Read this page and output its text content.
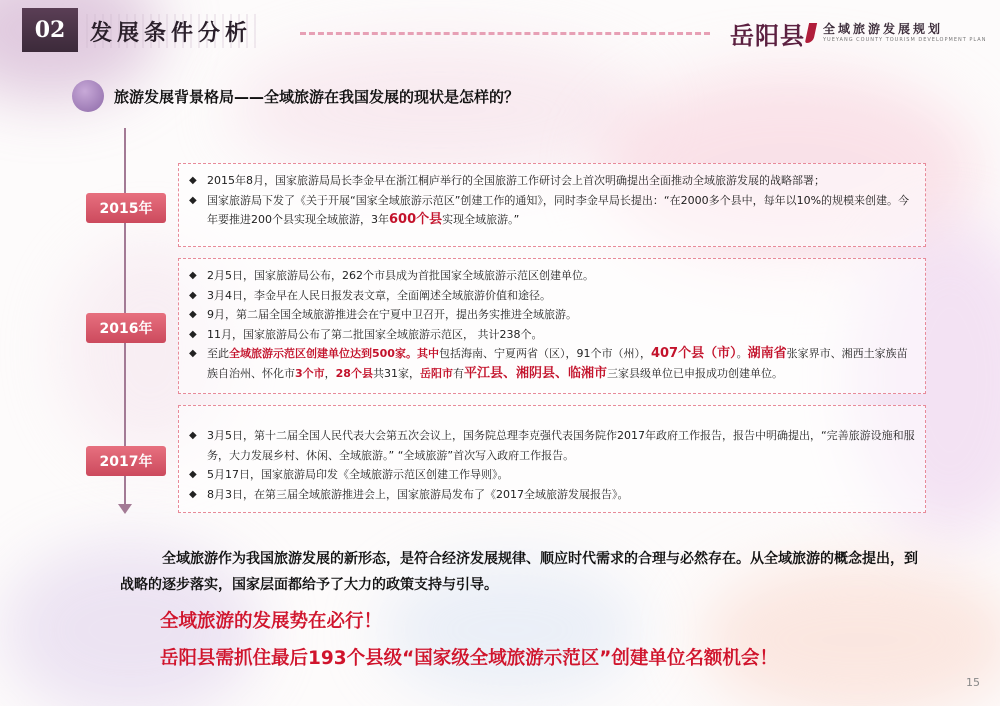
02	发展条件分析	岳阳县 全域旅游发展规划
YUEYANG COUNTY TOURISM DEVELOPMENT PLAN
旅游发展背景格局——全域旅游在我国发展的现状是怎样的？
2015年
2016年
2017年
◆ 2015年8月，国家旅游局局长李金早在浙江桐庐举行的全国旅游工作研讨会上首次明确提出全面推动全域旅游发展的战略部署；
◆ 国家旅游局下发了《关于开展“国家全域旅游示范区”创建工作的通知》，同时李金早局长提出：“在2000多个县中，每年以10%的规模来创建。今年要推进200个县实现全域旅游，3年600个县实现全域旅游。”
◆ 2月5日，国家旅游局公布，262个市县成为首批国家全域旅游示范区创建单位。
◆ 3月4日，李金早在人民日报发表文章，全面阐述全域旅游价值和途径。
◆ 9月，第二届全国全域旅游推进会在宁夏中卫召开，提出务实推进全域旅游。
◆ 11月，国家旅游局公布了第二批国家全域旅游示范区， 共计238个。
◆ 至此全域旅游示范区创建单位达到500家。其中包括海南、宁夏两省（区），91个市（州），407个县（市）。湖南省张家界市、湘西土家族苗族自治州、怀化市3个市，28个县共31家，岳阳市有平江县、湘阴县、临湘市三家县级单位已申报成功创建单位。
◆ 3月5日，第十二届全国人民代表大会第五次会议上，国务院总理李克强代表国务院作2017年政府工作报告，报告中明确提出，“完善旅游设施和服务，大力发展乡村、休闲、全域旅游。” “全域旅游”首次写入政府工作报告。
◆ 5月17日，国家旅游局印发《全域旅游示范区创建工作导则》。
◆ 8月3日，在第三届全域旅游推进会上，国家旅游局发布了《2017全域旅游发展报告》。

全域旅游作为我国旅游发展的新形态，是符合经济发展规律、顺应时代需求的合理与必然存在。从全域旅游的概念提出，到战略的逐步落实，国家层面都给予了大力的政策支持与引导。

全域旅游的发展势在必行！
岳阳县需抓住最后193个县级“国家级全域旅游示范区”创建单位名额机会！
15
